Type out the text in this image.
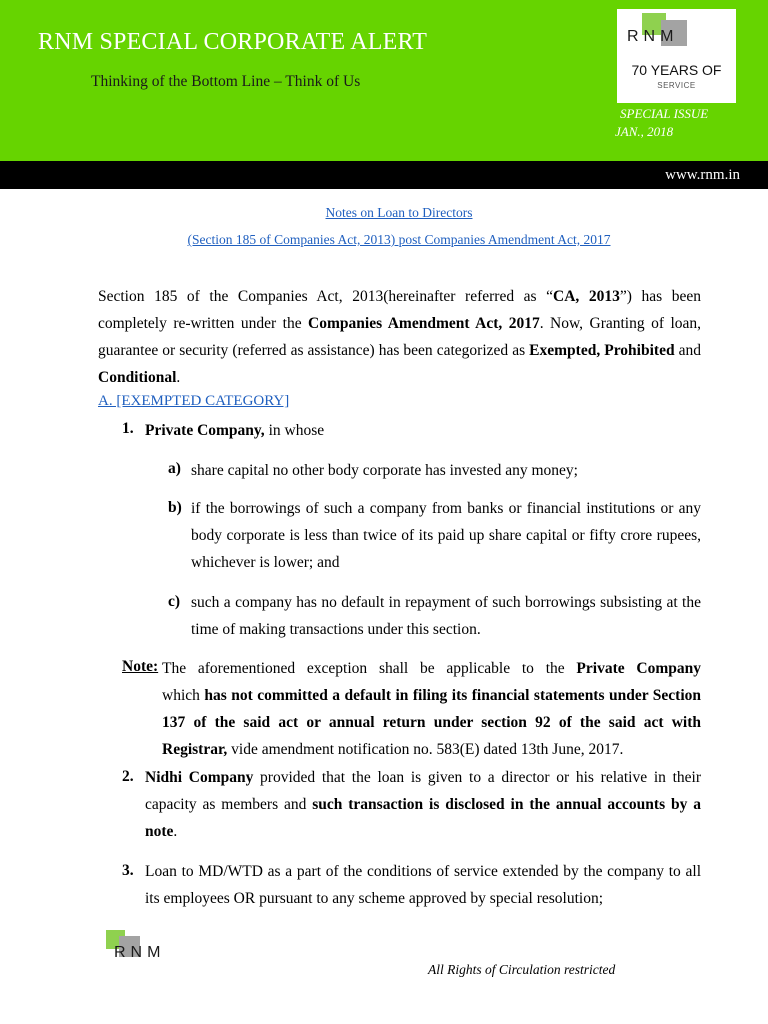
RNM SPECIAL CORPORATE ALERT
Thinking of the Bottom Line – Think of Us
RNM
70 YEARS OF
SERVICE
SPECIAL ISSUE
JAN., 2018
www.rnm.in
Notes on Loan to Directors
(Section 185 of Companies Act, 2013) post Companies Amendment Act, 2017
Section 185 of the Companies Act, 2013(hereinafter referred as “CA, 2013”) has been completely re-written under the Companies Amendment Act, 2017. Now, Granting of loan, guarantee or security (referred as assistance) has been categorized as Exempted, Prohibited and Conditional.
A. [EXEMPTED CATEGORY]
1. Private Company, in whose
a) share capital no other body corporate has invested any money;
b) if the borrowings of such a company from banks or financial institutions or any body corporate is less than twice of its paid up share capital or fifty crore rupees, whichever is lower; and
c) such a company has no default in repayment of such borrowings subsisting at the time of making transactions under this section.
Note: The aforementioned exception shall be applicable to the Private Company
which has not committed a default in filing its financial statements under Section 137 of the said act or annual return under section 92 of the said act with Registrar, vide amendment notification no. 583(E) dated 13th June, 2017.
2. Nidhi Company provided that the loan is given to a director or his relative in their capacity as members and such transaction is disclosed in the annual accounts by a note.
3. Loan to MD/WTD as a part of the conditions of service extended by the company to all its employees OR pursuant to any scheme approved by special resolution;
RNM
All Rights of Circulation restricted
